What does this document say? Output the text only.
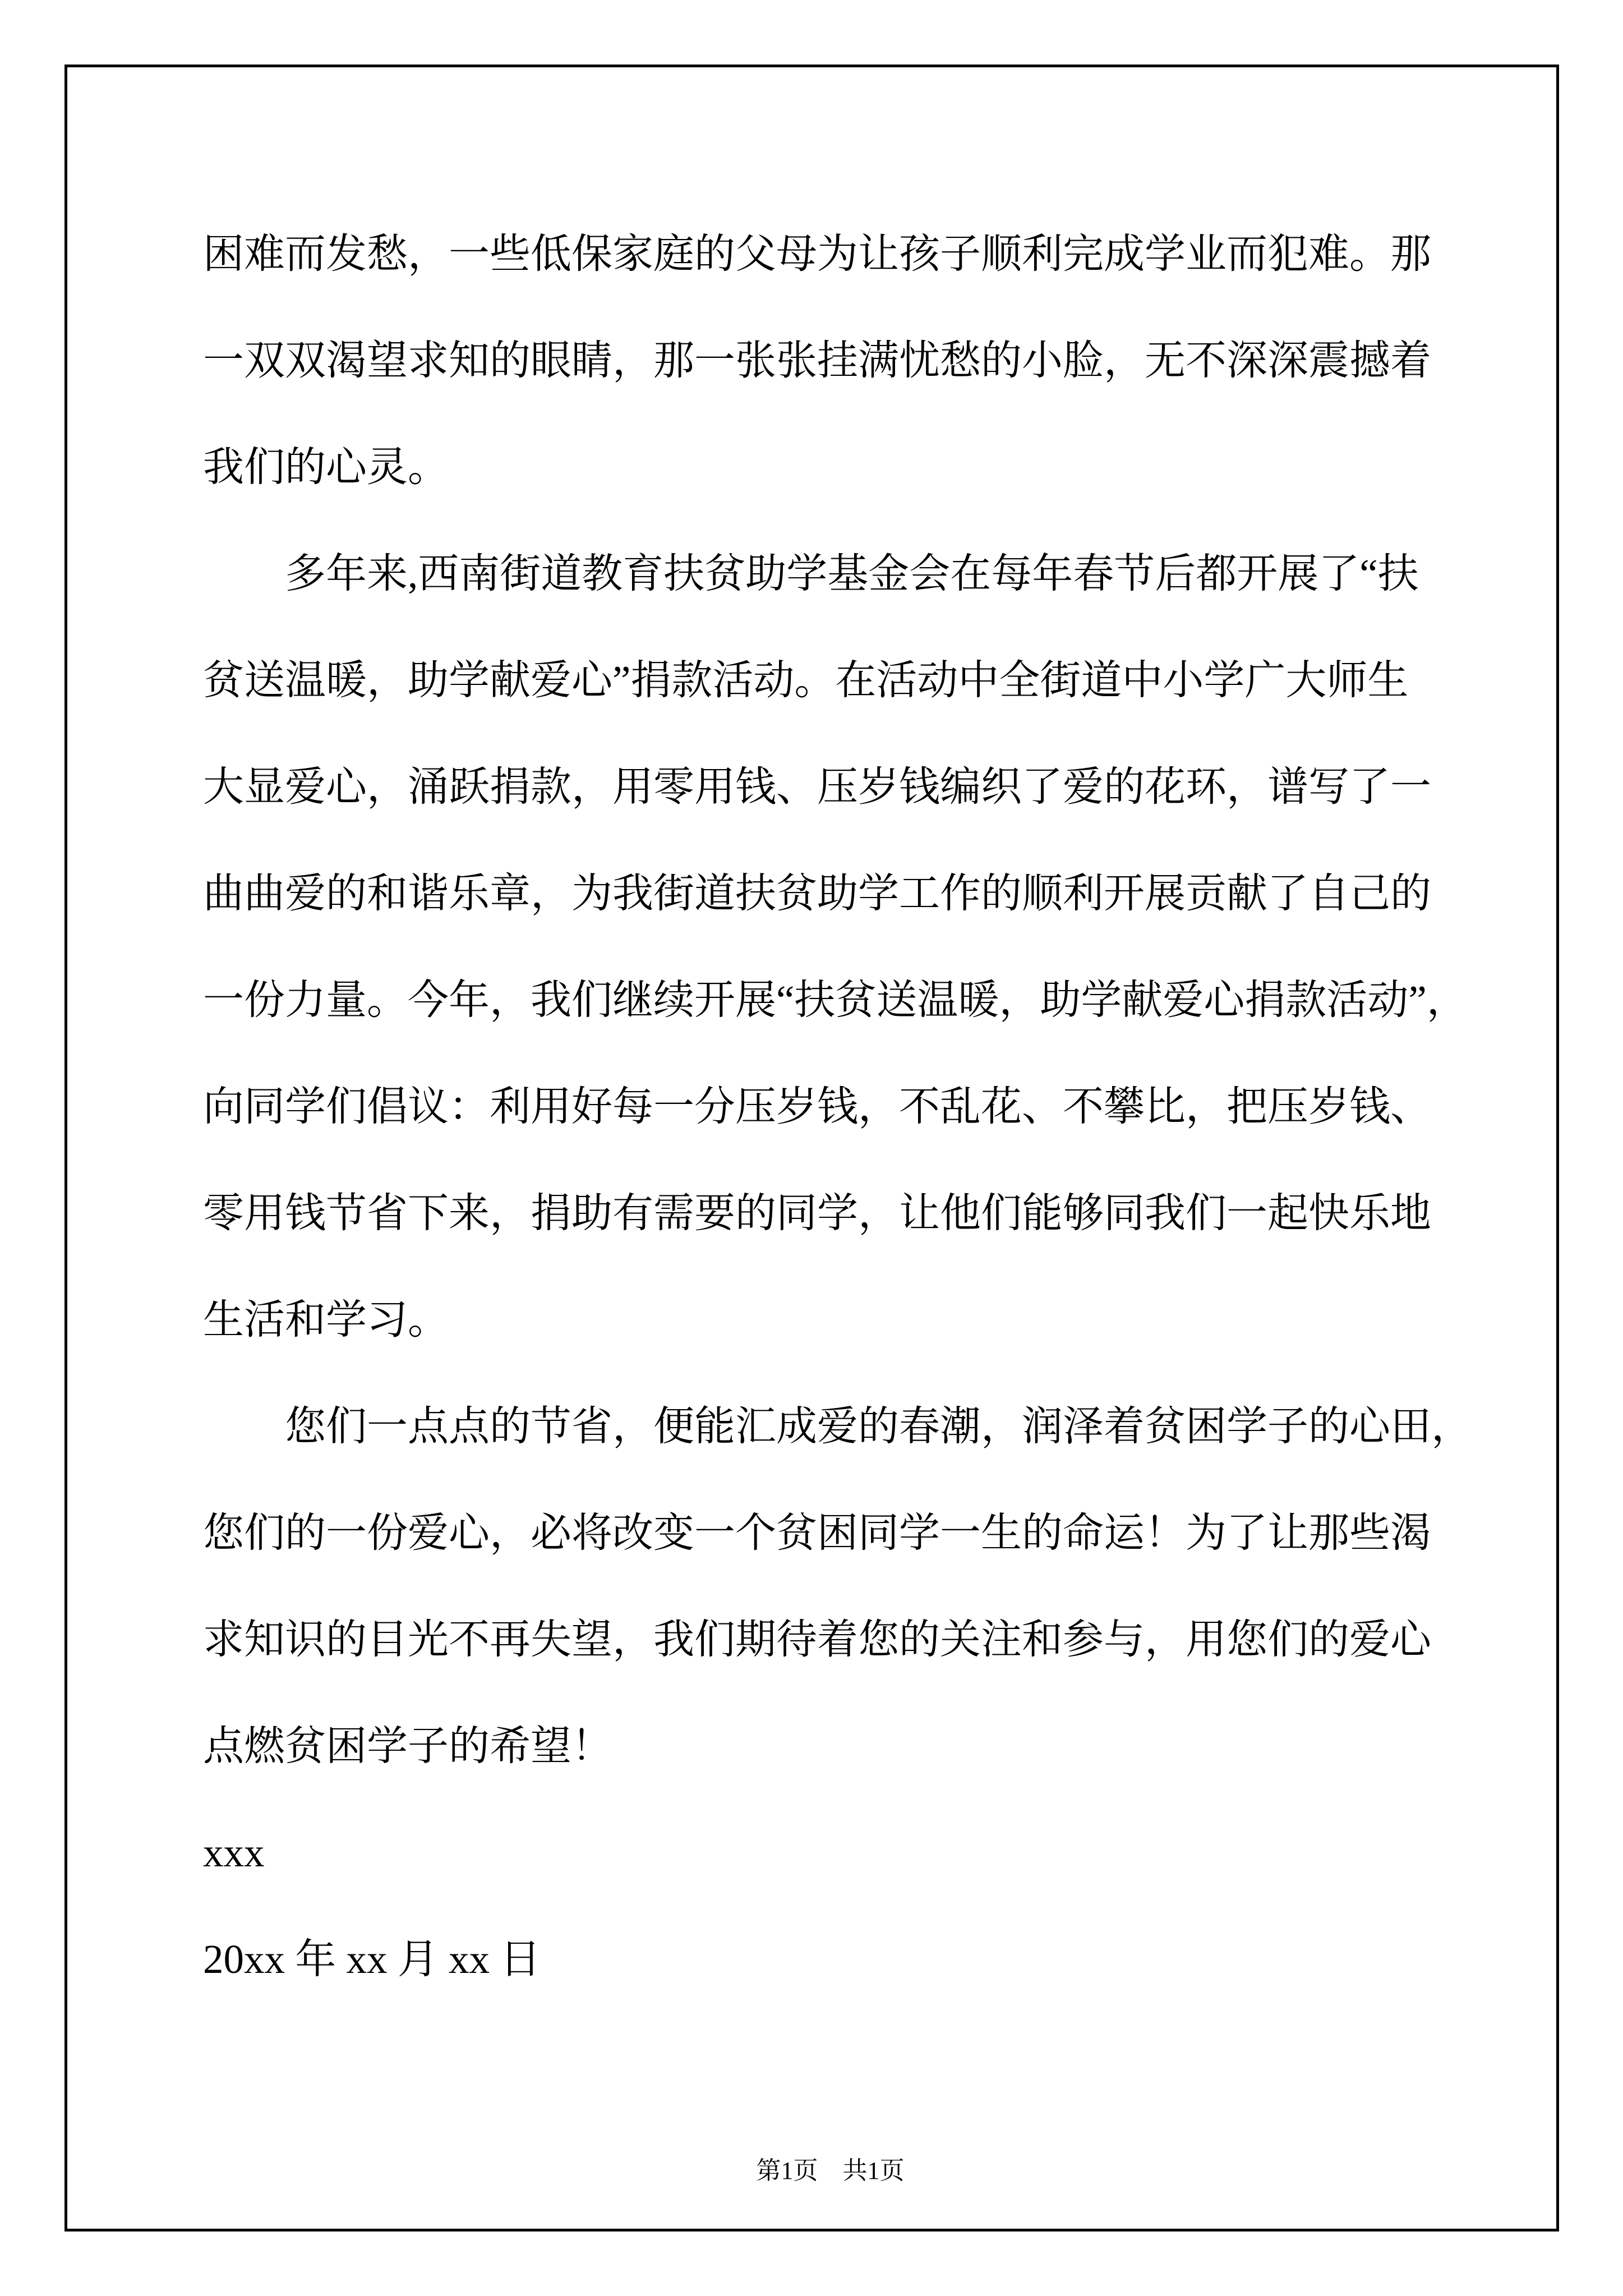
困难而发愁，一些低保家庭的父母为让孩子顺利完成学业而犯难。那
一双双渴望求知的眼睛，那一张张挂满忧愁的小脸，无不深深震撼着
我们的心灵。
多年来,西南街道教育扶贫助学基金会在每年春节后都开展了“扶
贫送温暖，助学献爱心”捐款活动。在活动中全街道中小学广大师生
大显爱心，涌跃捐款，用零用钱、压岁钱编织了爱的花环，谱写了一
曲曲爱的和谐乐章，为我街道扶贫助学工作的顺利开展贡献了自己的
一份力量。今年，我们继续开展“扶贫送温暖，助学献爱心捐款活动”，
向同学们倡议：利用好每一分压岁钱，不乱花、不攀比，把压岁钱、
零用钱节省下来，捐助有需要的同学，让他们能够同我们一起快乐地
生活和学习。
您们一点点的节省，便能汇成爱的春潮，润泽着贫困学子的心田，
您们的一份爱心，必将改变一个贫困同学一生的命运！为了让那些渴
求知识的目光不再失望，我们期待着您的关注和参与，用您们的爱心
点燃贫困学子的希望！
xxx
20xx 年 xx 月 xx 日

第1页　共1页
